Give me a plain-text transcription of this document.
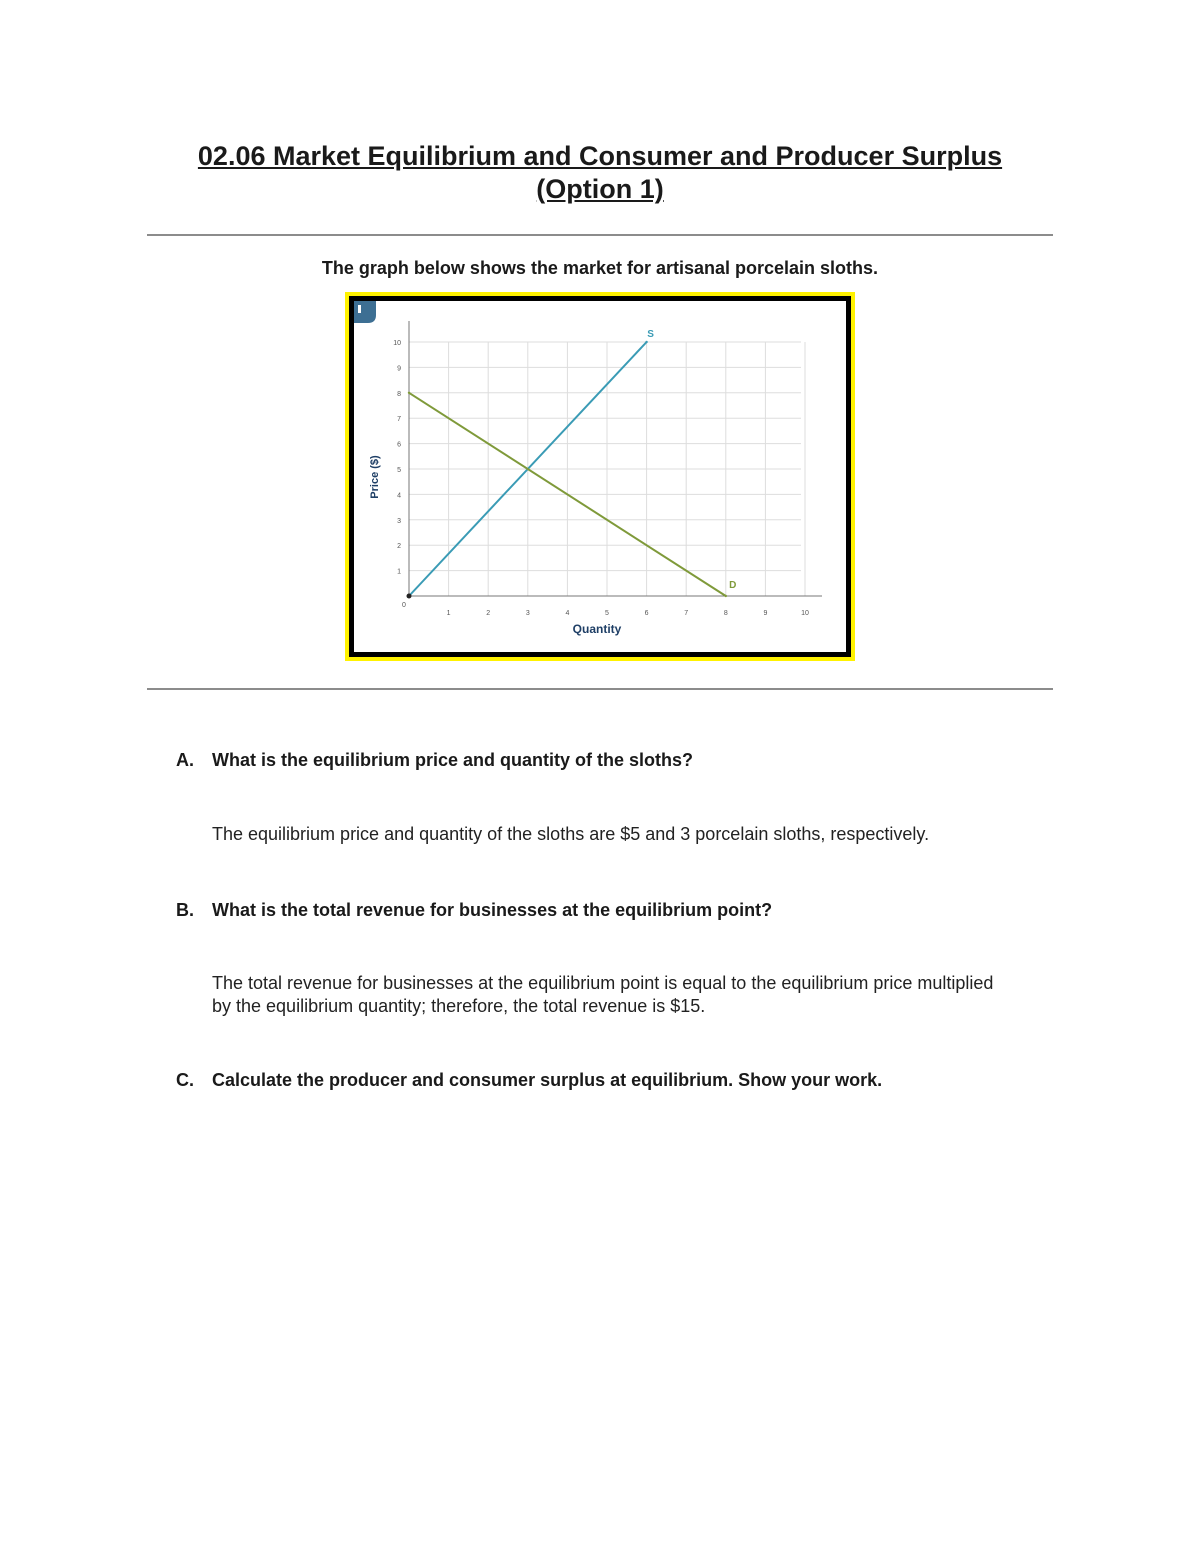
02.06 Market Equilibrium and Consumer and Producer Surplus
(Option 1)

The graph below shows the market for artisanal porcelain sloths.

0
1	2	3	4	5	6	7	8	9	10
1
2
3
4
5
6
7
8
9
10
S
D
Quantity
Price ($)

A. What is the equilibrium price and quantity of the sloths?

The equilibrium price and quantity of the sloths are $5 and 3 porcelain sloths, respectively.

B. What is the total revenue for businesses at the equilibrium point?

The total revenue for businesses at the equilibrium point is equal to the equilibrium price multiplied by the equilibrium quantity; therefore, the total revenue is $15.

C. Calculate the producer and consumer surplus at equilibrium. Show your work.
